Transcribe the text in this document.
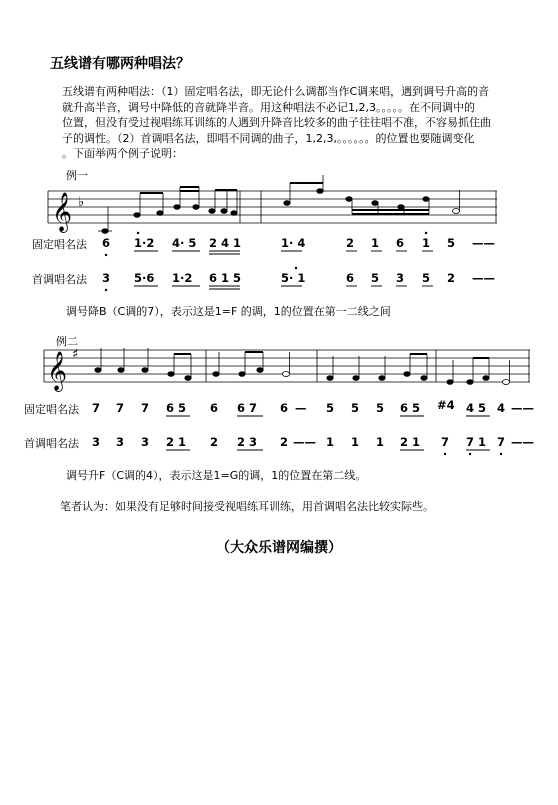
五线谱有哪两种唱法？
五线谱有两种唱法：（1）固定唱名法，即无论什么调都当作C调来唱，遇到调号升高的音
就升高半音，调号中降低的音就降半音。用这种唱法不必记1,2,3。。。。。在不同调中的
位置，但没有受过视唱练耳训练的人遇到升降音比较多的曲子往往唱不准，不容易抓住曲
子的调性。（2）首调唱名法，即唱不同调的曲子，1,2,3,。。。。。。的位置也要随调变化
。下面举两个例子说明：
例一
𝄞 ♭
固定唱名法 6 1·2 4· 5 2 4 1	1· 4	2 1 6 1 5 ——
首调唱名法 3 5·6 1·2 6 1 5	5· 1	6 5 3 5 2 ——
调号降B（C调的7），表示这是1=F 的调，1的位置在第一二线之间
例二
𝄞 ♯
固定唱名法 7 7 7 6 5 6 6 7 6 — 5 5 5 6 5 #4 4 5 4 ——
首调唱名法 3 3 3 2 1 2 2 3 2 —— 1 1 1 2 1 7 7 1 7 ——
调号升F（C调的4），表示这是1=G的调，1的位置在第二线。
笔者认为：如果没有足够时间接受视唱练耳训练，用首调唱名法比较实际些。
（大众乐谱网编撰）
